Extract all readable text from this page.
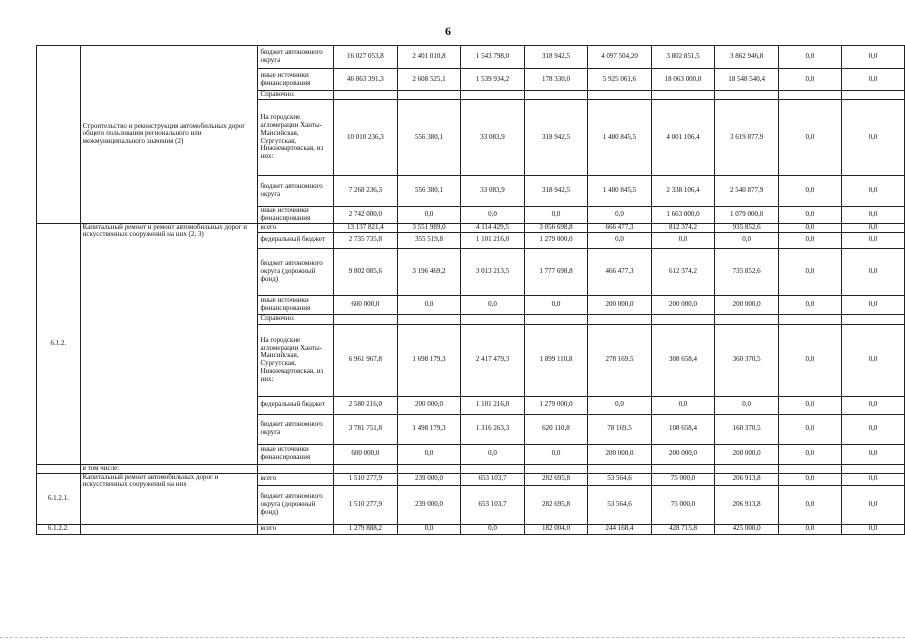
6
	Строительство и реконструкция автомобильных дорог общего пользования регионального или межмуниципального значения (2)	бюджет автономного округа	16 027 053,8	2 401 010,8	1 543 798,0	318 942,5	4 097 504,20	3 802 851,5	3 862 946,8	0,0	0,0
		иные источники финансирования	46 863 391,3	2 608 525,1	1 539 934,2	178 330,0	5 925 061,6	18 063 000,0	18 548 540,4	0,0	0,0
		Справочно:									
		На городские агломерации Ханты-Мансийская, Сургутская, Нижневартовская, из них:	10 010 236,3	556 380,1	33 083,9	318 942,5	1 480 845,5	4 001 106,4	3 619 877,9	0,0	0,0
		бюджет автономного округа	7 268 236,3	556 380,1	33 083,9	318 942,5	1 480 845,5	2 338 106,4	2 540 877,9	0,0	0,0
		иные источники финансирования	2 742 000,0	0,0	0,0	0,0	0,0	1 663 000,0	1 079 000,0	0,0	0,0
6.1.2.	Капитальный ремонт и ремонт автомобильных дорог и искусственных сооружений на них (2, 3)	всего	13 137 821,4	3 551 989,0	4 114 429,5	3 056 698,8	666 477,3	812 374,2	935 852,6	0,0	0,0
		федеральный бюджет	2 735 735,8	355 519,8	1 101 216,0	1 279 000,0	0,0	0,0	0,0	0,0	0,0
		бюджет автономного округа (дорожный фонд)	9 802 085,6	3 196 469,2	3 013 213,5	1 777 698,8	466 477,3	612 374,2	735 852,6	0,0	0,0
		иные источники финансирования	600 000,0	0,0	0,0	0,0	200 000,0	200 000,0	200 000,0	0,0	0,0
		Справочно:									
		На городские агломерации Ханты-Мансийская, Сургутская, Нижневартовская, из них:	6 961 967,8	1 698 179,3	2 417 479,3	1 899 110,8	278 169,5	308 658,4	360 370,5	0,0	0,0
		федеральный бюджет	2 580 216,0	200 000,0	1 101 216,0	1 279 000,0	0,0	0,0	0,0	0,0	0,0
		бюджет автономного округа	3 781 751,8	1 498 179,3	1 316 263,3	620 110,8	78 169,5	108 658,4	160 370,5	0,0	0,0
		иные источники финансирования	600 000,0	0,0	0,0	0,0	200 000,0	200 000,0	200 000,0	0,0	0,0
	в том числе:										
6.1.2.1.	Капитальный ремонт автомобильных дорог и искусственных сооружений на них	всего	1 510 277,9	239 000,0	653 103,7	282 695,8	53 564,6	75 000,0	206 913,8	0,0	0,0
		бюджет автономного округа (дорожный фонд)	1 510 277,9	239 000,0	653 103,7	282 695,8	53 564,6	75 000,0	206 913,8	0,0	0,0
6.1.2.2.		всего	1 279 888,2	0,0	0,0	182 004,0	244 168,4	428 715,8	425 000,0	0,0	0,0
